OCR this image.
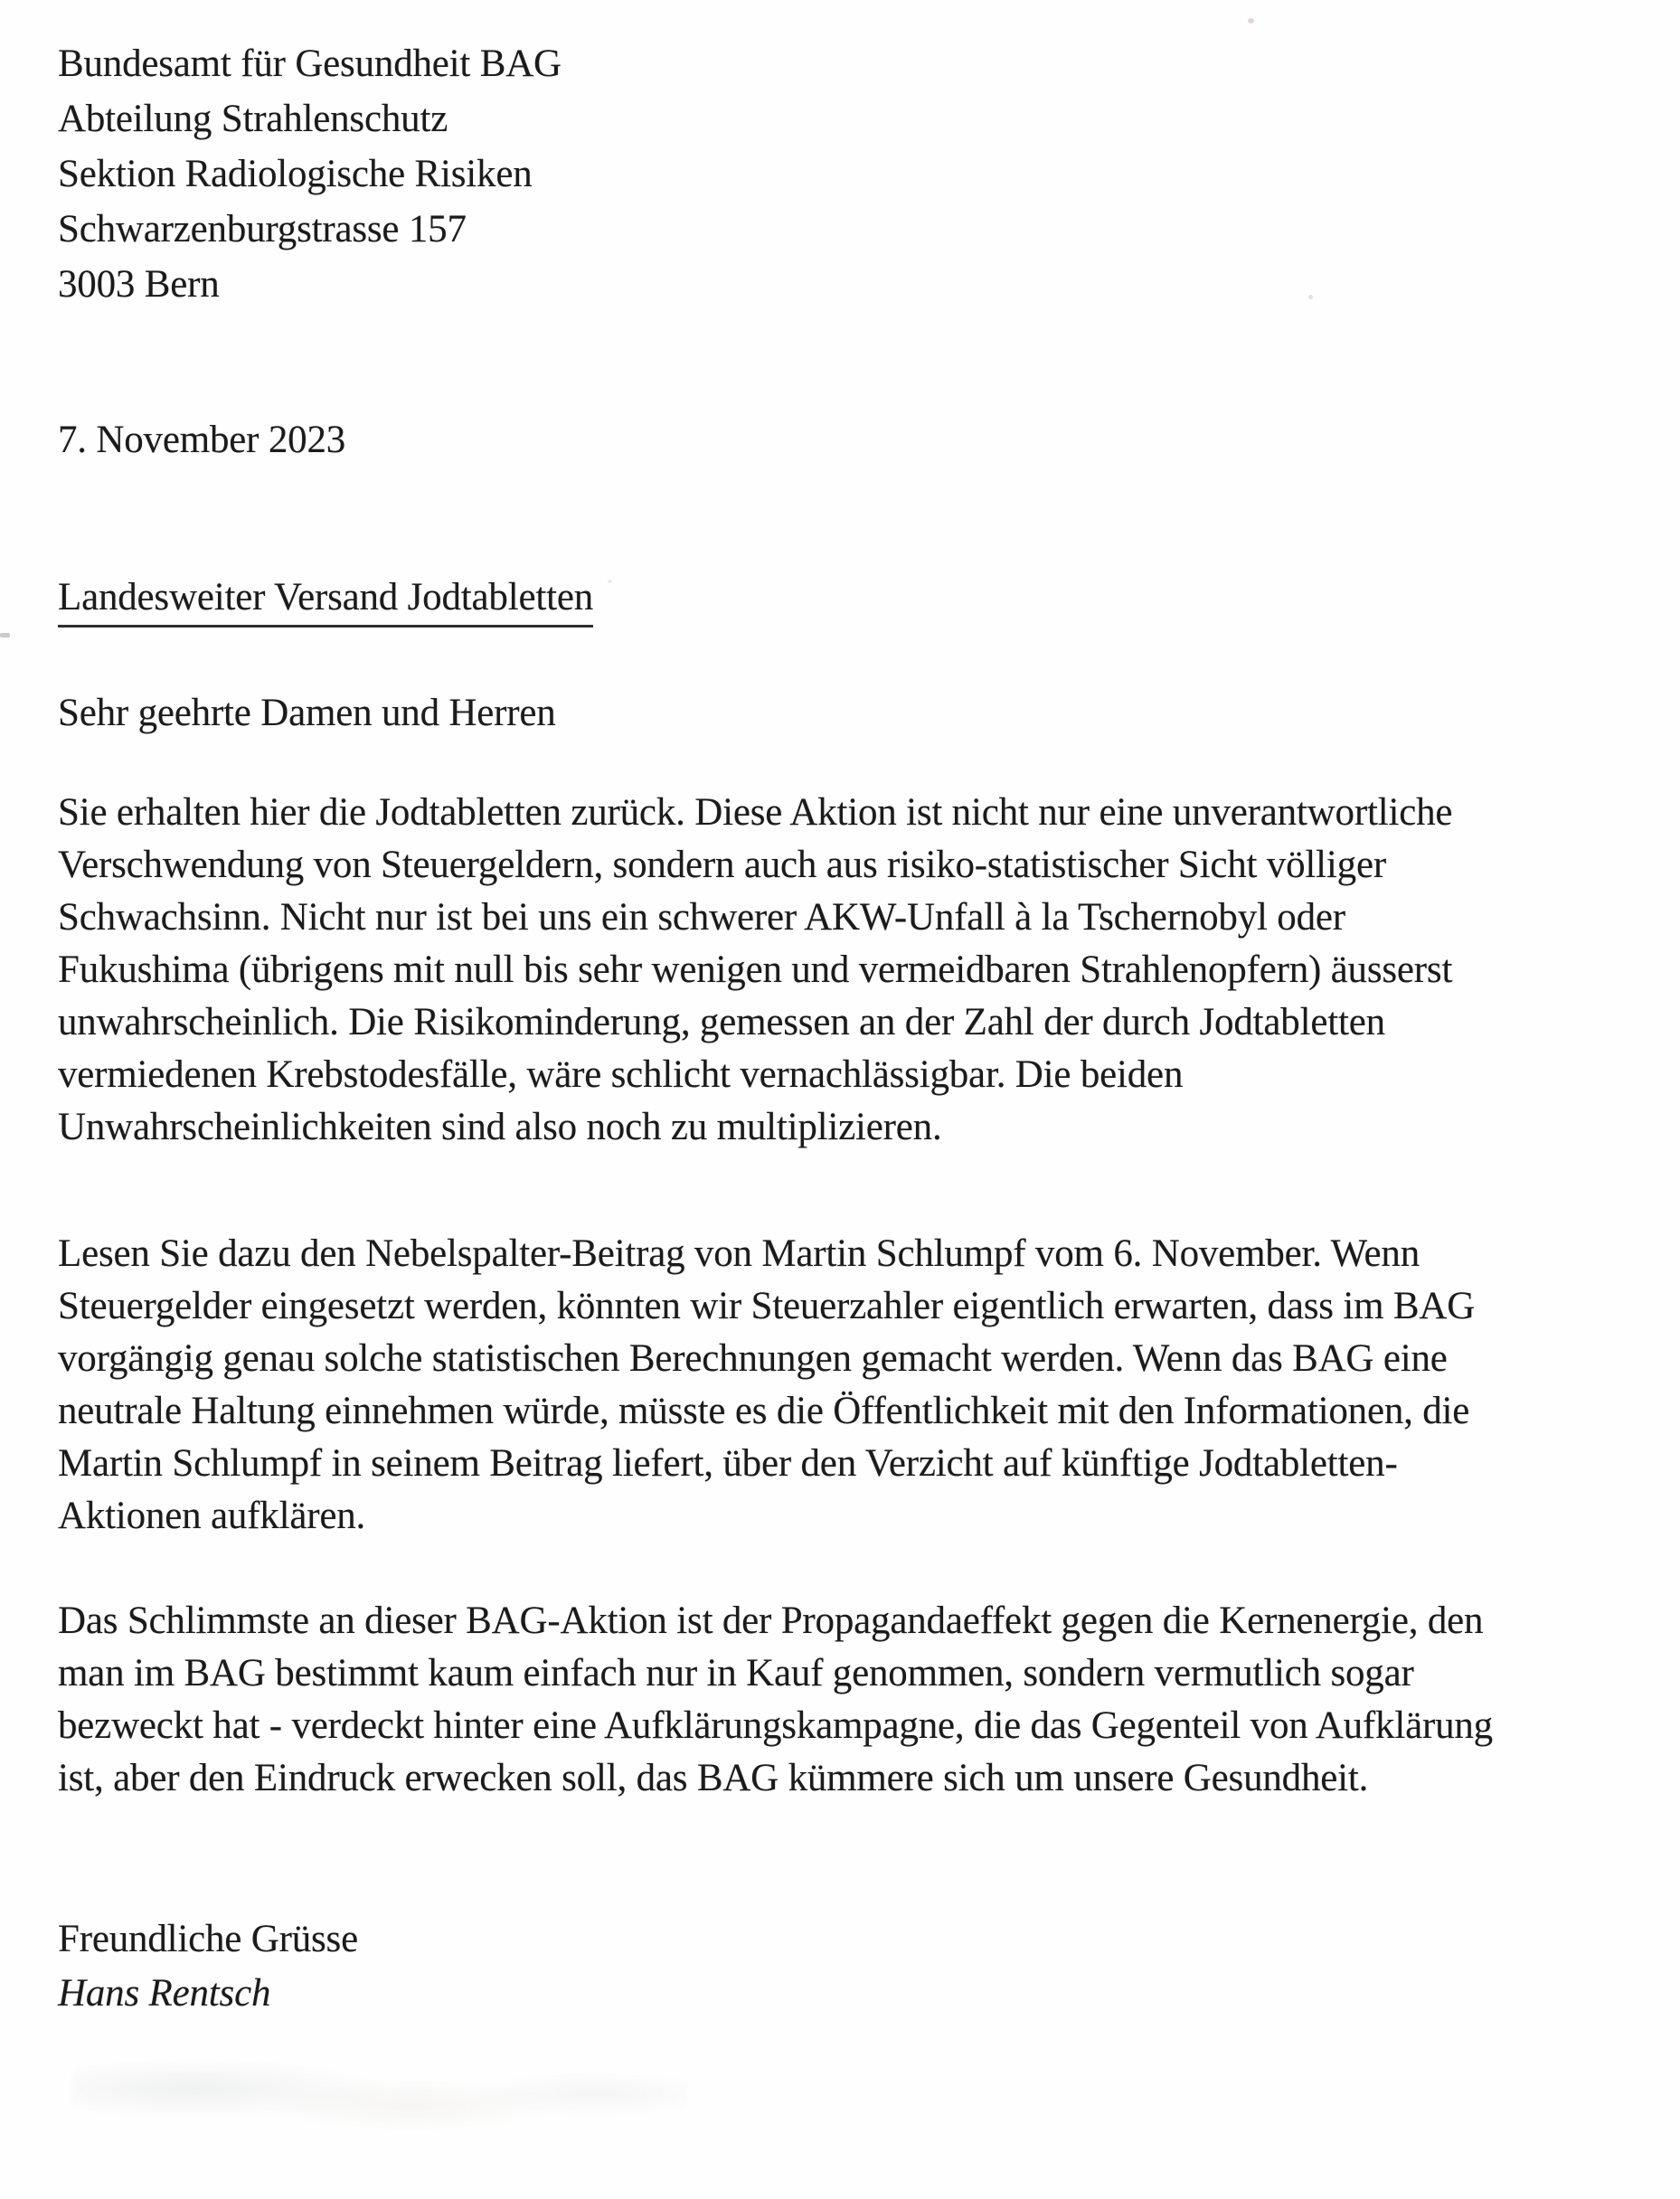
Bundesamt für Gesundheit BAG
Abteilung Strahlenschutz
Sektion Radiologische Risiken
Schwarzenburgstrasse 157
3003 Bern
7. November 2023
Landesweiter Versand Jodtabletten
Sehr geehrte Damen und Herren
Sie erhalten hier die Jodtabletten zurück. Diese Aktion ist nicht nur eine unverantwortliche
Verschwendung von Steuergeldern, sondern auch aus risiko-statistischer Sicht völliger
Schwachsinn. Nicht nur ist bei uns ein schwerer AKW-Unfall à la Tschernobyl oder
Fukushima (übrigens mit null bis sehr wenigen und vermeidbaren Strahlenopfern) äusserst
unwahrscheinlich. Die Risikominderung, gemessen an der Zahl der durch Jodtabletten
vermiedenen Krebstodesfälle, wäre schlicht vernachlässigbar. Die beiden
Unwahrscheinlichkeiten sind also noch zu multiplizieren.
Lesen Sie dazu den Nebelspalter-Beitrag von Martin Schlumpf vom 6. November. Wenn
Steuergelder eingesetzt werden, könnten wir Steuerzahler eigentlich erwarten, dass im BAG
vorgängig genau solche statistischen Berechnungen gemacht werden. Wenn das BAG eine
neutrale Haltung einnehmen würde, müsste es die Öffentlichkeit mit den Informationen, die
Martin Schlumpf in seinem Beitrag liefert, über den Verzicht auf künftige Jodtabletten-
Aktionen aufklären.
Das Schlimmste an dieser BAG-Aktion ist der Propagandaeffekt gegen die Kernenergie, den
man im BAG bestimmt kaum einfach nur in Kauf genommen, sondern vermutlich sogar
bezweckt hat - verdeckt hinter eine Aufklärungskampagne, die das Gegenteil von Aufklärung
ist, aber den Eindruck erwecken soll, das BAG kümmere sich um unsere Gesundheit.
Freundliche Grüsse
Hans Rentsch
